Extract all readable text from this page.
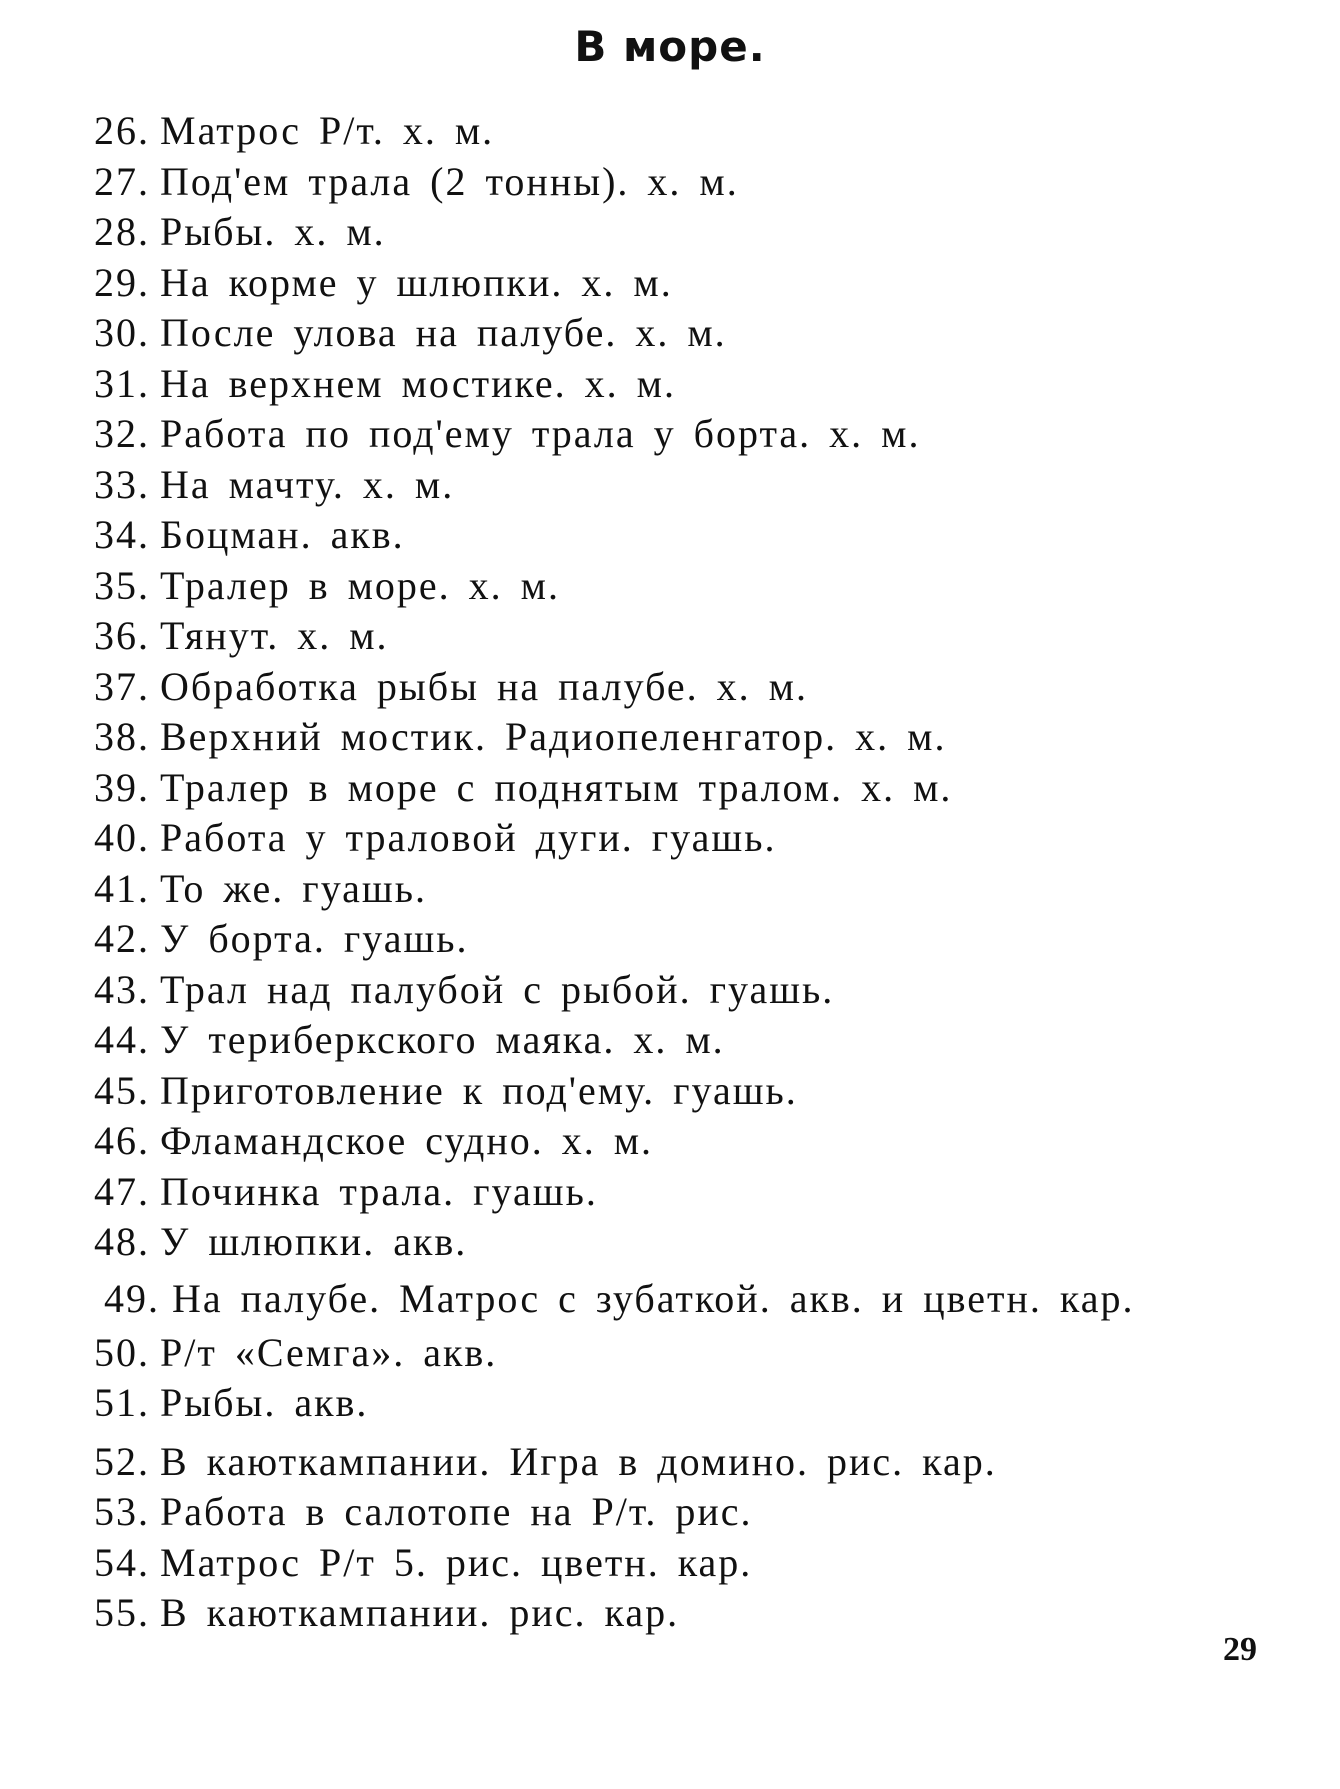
В море.
26. Матрос Р/т. х. м.
27. Под'ем трала (2 тонны). х. м.
28. Рыбы. х. м.
29. На корме у шлюпки. х. м.
30. После улова на палубе. х. м.
31. На верхнем мостике. х. м.
32. Работа по под'ему трала у борта. х. м.
33. На мачту. х. м.
34. Боцман. акв.
35. Тралер в море. х. м.
36. Тянут. х. м.
37. Обработка рыбы на палубе. х. м.
38. Верхний мостик. Радиопеленгатор. х. м.
39. Тралер в море с поднятым тралом. х. м.
40. Работа у траловой дуги. гуашь.
41. То же. гуашь.
42. У борта. гуашь.
43. Трал над палубой с рыбой. гуашь.
44. У териберкского маяка. х. м.
45. Приготовление к под'ему. гуашь.
46. Фламандское судно. х. м.
47. Починка трала. гуашь.
48. У шлюпки. акв.
49. На палубе. Матрос с зубаткой. акв. и цветн. кар.
50. Р/т «Семга». акв.
51. Рыбы. акв.
52. В каюткампании. Игра в домино. рис. кар.
53. Работа в салотопе на Р/т. рис.
54. Матрос Р/т 5. рис. цветн. кар.
55. В каюткампании. рис. кар.
29
